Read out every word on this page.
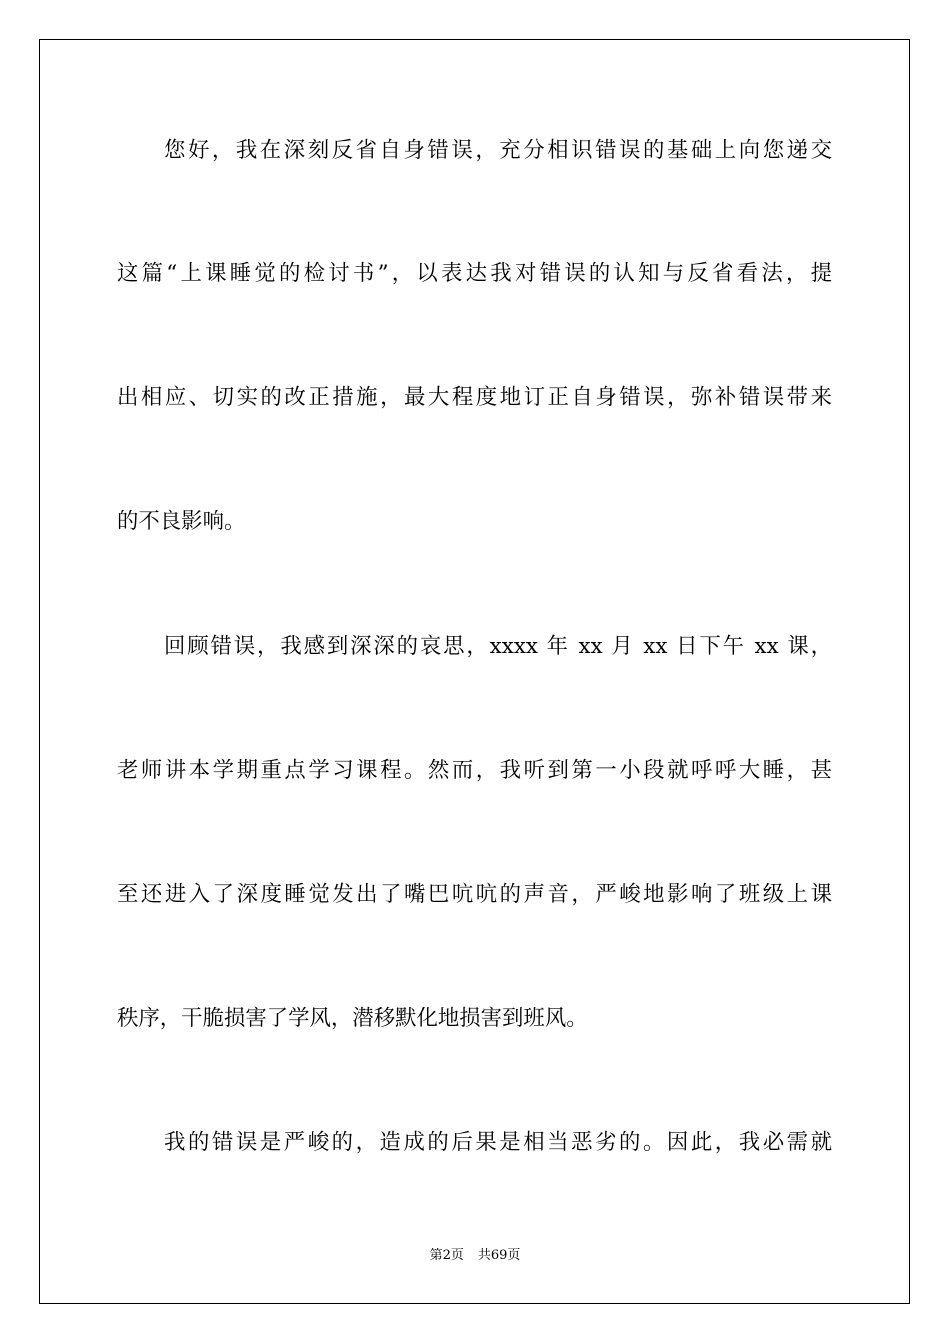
您好，我在深刻反省自身错误，充分相识错误的基础上向您递交
这篇“上课睡觉的检讨书”，以表达我对错误的认知与反省看法，提
出相应、切实的改正措施，最大程度地订正自身错误，弥补错误带来
的不良影响。
回顾错误，我感到深深的哀思，xxxx 年 xx 月 xx 日下午 xx 课，
老师讲本学期重点学习课程。然而，我听到第一小段就呼呼大睡，甚
至还进入了深度睡觉发出了嘴巴吭吭的声音，严峻地影响了班级上课
秩序，干脆损害了学风，潜移默化地损害到班风。
我的错误是严峻的，造成的后果是相当恶劣的。因此，我必需就
第2页 共69页
